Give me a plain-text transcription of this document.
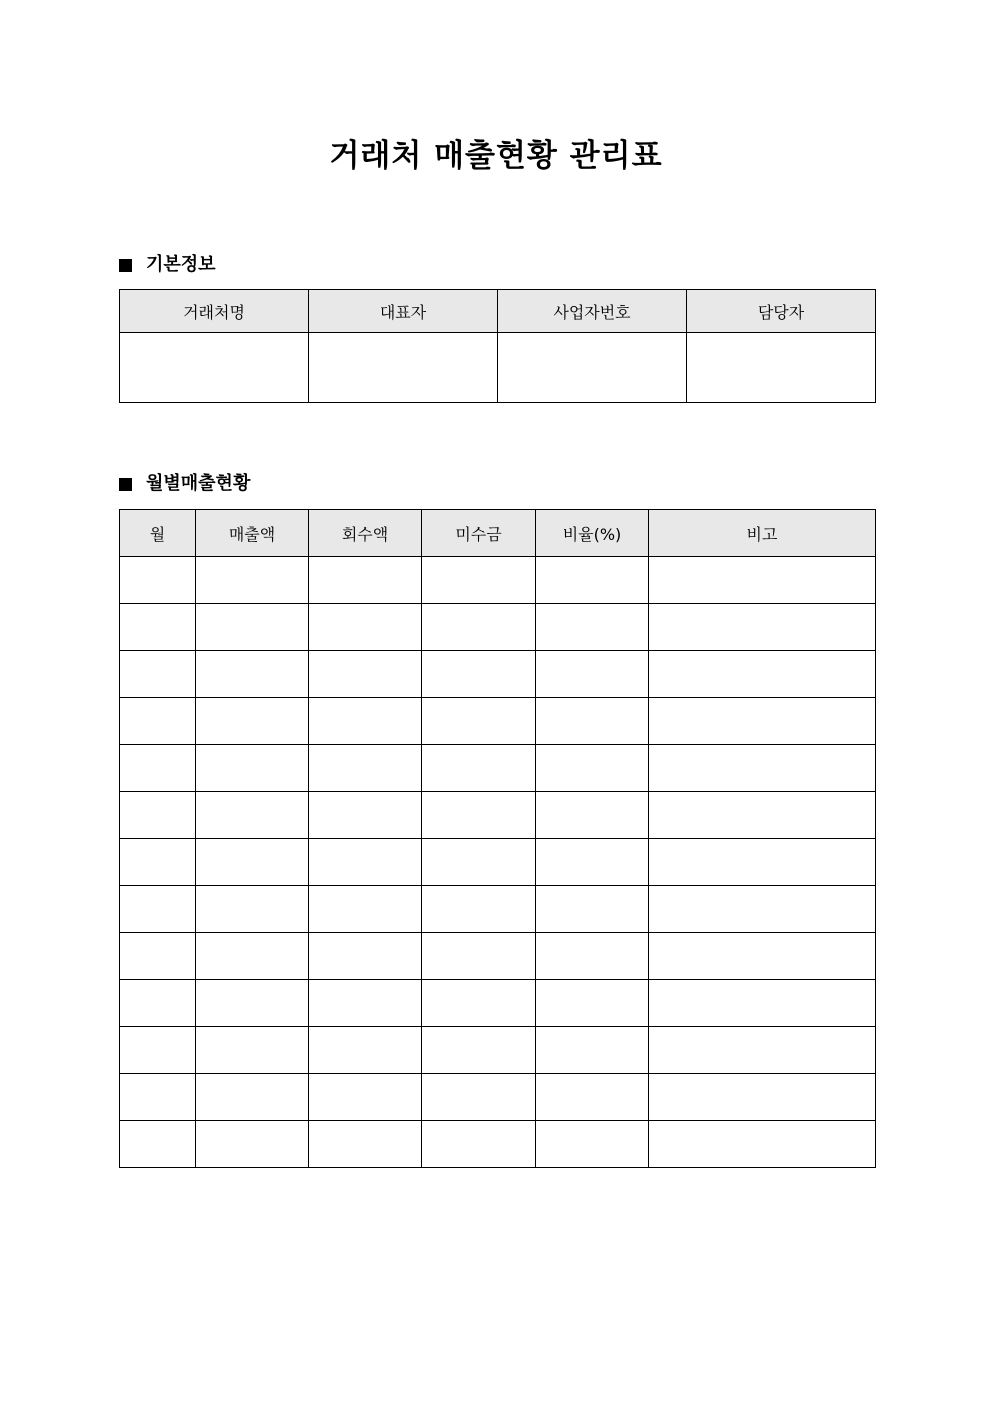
거래처 매출현황 관리표
기본정보
거래처명	대표자	사업자번호	담당자

월별매출현황
월	매출액	회수액	미수금	비율(%)	비고
